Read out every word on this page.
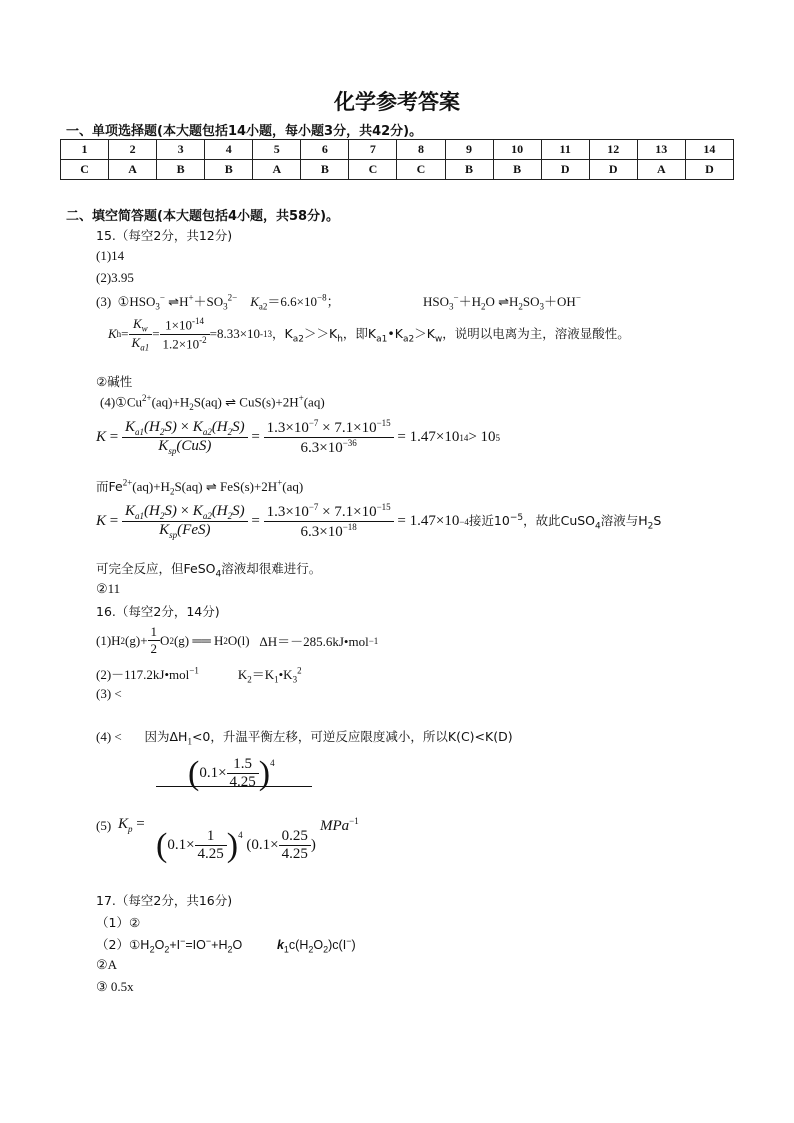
化学参考答案
一、单项选择题(本大题包括14小题，每小题3分，共42分)。
1	2	3	4	5	6	7	8	9	10	11	12	13	14
C	A	B	B	A	B	C	C	B	B	D	D	A	D
二、填空简答题(本大题包括4小题，共58分)。
15.（每空2分，共12分)
(1)14
(2)3.95
(3) $①HSO_3^-$ $\rightleftharpoons H^++SO_3^{2-}$ $K_{a2}=6.6\times 10^{-8}$；	$HSO_3^-+H_2O$ $\rightleftharpoons H_2SO_3+OH^-$
K $h = \frac{K_w}{K_{a1}} = \frac{1\times 10^{-14}}{1.2\times 10^{-2}} =8.33\times 10$ -13 ，$K_{a2}>>K_h$，即$K_{a1}•K_{a2}>K_w$，说明以电离为主，溶液显酸性。
②碱性
$(4)①Cu^{2+}(aq)+H_2S(aq)$ ⇌ CuS(s)+2H+(aq)
$K = \frac{K_{a1}(H_2S) \times K_{a2}(H_2S)}{K_{sp}(CuS)} = \frac{1.3\times 10^{-7} \times 7.1\times 10^{-15}}{6.3\times 10^{-36}}$
= 1.47×10 14 > 10 5
而$Fe^{2+}(aq)+H_2S(aq)$ ⇌ FeS(s)+2H+(aq)
$K = \frac{K_{a1}(H_2S) \times K_{a2}(H_2S)}{K_{sp}(FeS)} = \frac{1.3\times 10^{-7} \times 7.1\times 10^{-15}}{6.3\times 10^{-18}}$
= 1.47×10 −4 接近$10^{-5}$，故此CuSO$_4$溶液与$H_2S$
可完全反应，但FeSO$_4$溶液却很难进行。
②11
16.（每空2分，14分)
(1)H 2 $(g)+ \frac{1}{2}$ O 2 (g)
══
H 2 O(l)
ΔH＝－285.6kJ•mol −1
(2)－117.2kJ•mol$^{-1}$	$K_2=K_1•K_3^2$
(3) <
(4) < 因为$\Delta H_1<0$，升温平衡左移，可逆反应限度减小，所以K(C)<K(D)
(5) $K_p$ =
( $0.1\times \frac{1.5}{4.25} )^4$
( $0.1\times \frac{1}{4.25} )^4$
( $0.1\times \frac{0.25}{4.25}$ )
MPa$^{-1}$
17.（每空2分，共16分)
（1）②
$(2)①H_2O_2+I^-=IO^-+H_2O$	$k_1c(H_2O_2)c(I^-)$
②A
③ 0.5x
